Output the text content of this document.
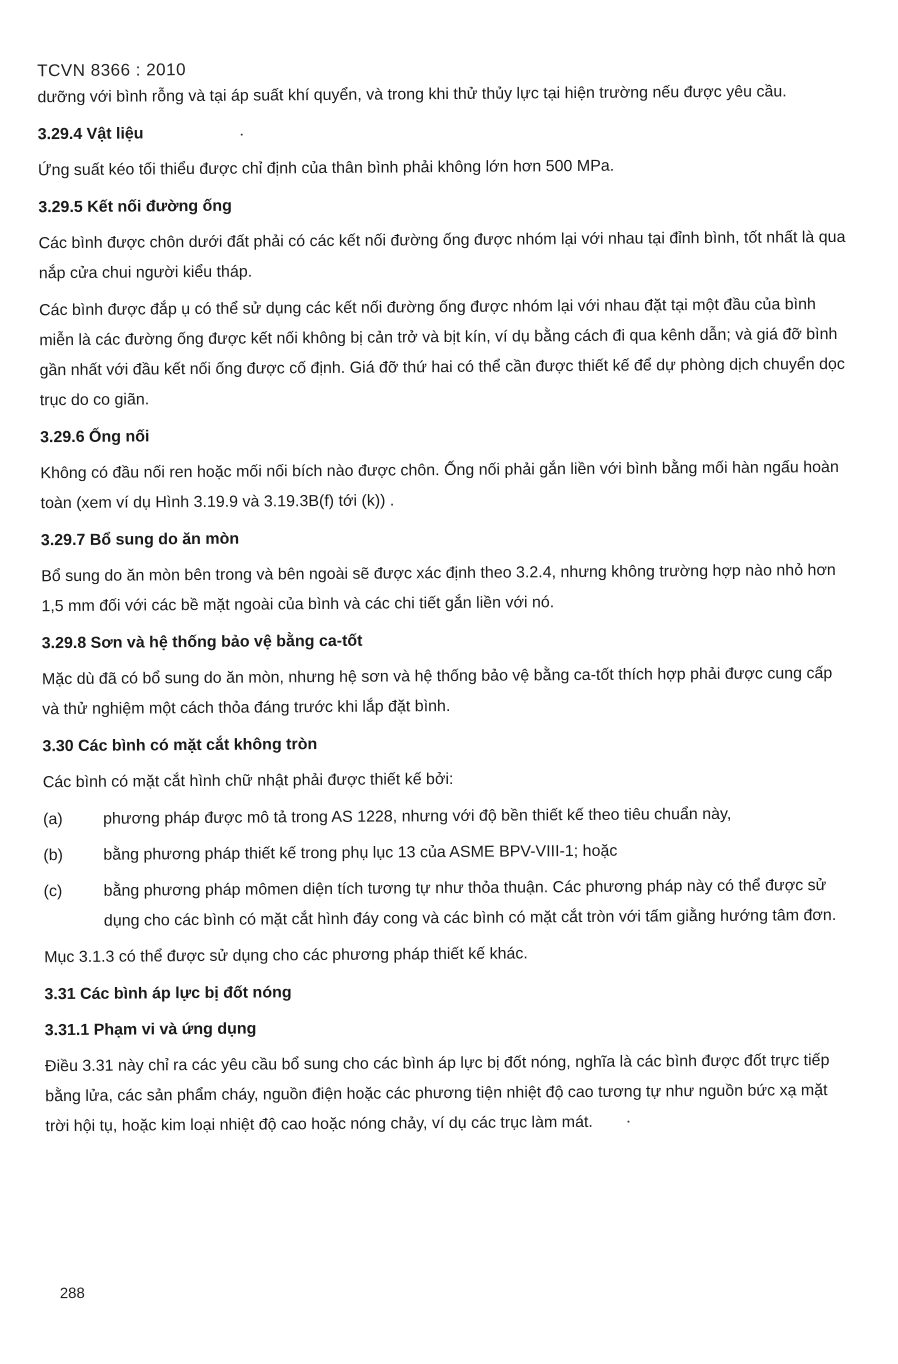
TCVN 8366 : 2010

dưỡng với bình rỗng và tại áp suất khí quyển, và trong khi thử thủy lực tại hiện trường nếu được yêu cầu.

3.29.4 Vật liệu

Ứng suất kéo tối thiểu được chỉ định của thân bình phải không lớn hơn 500 MPa.

3.29.5 Kết nối đường ống

Các bình được chôn dưới đất phải có các kết nối đường ống được nhóm lại với nhau tại đỉnh bình, tốt nhất là qua nắp cửa chui người kiểu tháp.

Các bình được đắp ụ có thể sử dụng các kết nối đường ống được nhóm lại với nhau đặt tại một đầu của bình miễn là các đường ống được kết nối không bị cản trở và bịt kín, ví dụ bằng cách đi qua kênh dẫn; và giá đỡ bình gần nhất với đầu kết nối ống được cố định. Giá đỡ thứ hai có thể cần được thiết kế để dự phòng dịch chuyển dọc trục do co giãn.

3.29.6 Ống nối

Không có đầu nối ren hoặc mối nối bích nào được chôn. Ống nối phải gắn liền với bình bằng mối hàn ngấu hoàn toàn (xem ví dụ Hình 3.19.9 và 3.19.3B(f) tới (k)) .

3.29.7 Bổ sung do ăn mòn

Bổ sung do ăn mòn bên trong và bên ngoài sẽ được xác định theo 3.2.4, nhưng không trường hợp nào nhỏ hơn 1,5 mm đối với các bề mặt ngoài của bình và các chi tiết gắn liền với nó.

3.29.8 Sơn và hệ thống bảo vệ bằng ca-tốt

Mặc dù đã có bổ sung do ăn mòn, nhưng hệ sơn và hệ thống bảo vệ bằng ca-tốt thích hợp phải được cung cấp và thử nghiệm một cách thỏa đáng trước khi lắp đặt bình.

3.30 Các bình có mặt cắt không tròn

Các bình có mặt cắt hình chữ nhật phải được thiết kế bởi:

(a)	phương pháp được mô tả trong AS 1228, nhưng với độ bền thiết kế theo tiêu chuẩn này,
(b)	bằng phương pháp thiết kế trong phụ lục 13 của ASME BPV-VIII-1; hoặc
(c)	bằng phương pháp mômen diện tích tương tự như thỏa thuận. Các phương pháp này có thể được sử dụng cho các bình có mặt cắt hình đáy cong và các bình có mặt cắt tròn với tấm giằng hướng tâm đơn.

Mục 3.1.3 có thể được sử dụng cho các phương pháp thiết kế khác.

3.31 Các bình áp lực bị đốt nóng
3.31.1 Phạm vi và ứng dụng

Điều 3.31 này chỉ ra các yêu cầu bổ sung cho các bình áp lực bị đốt nóng, nghĩa là các bình được đốt trực tiếp bằng lửa, các sản phẩm cháy, nguồn điện hoặc các phương tiện nhiệt độ cao tương tự như nguồn bức xạ mặt trời hội tụ, hoặc kim loại nhiệt độ cao hoặc nóng chảy, ví dụ các trục làm mát.

288
